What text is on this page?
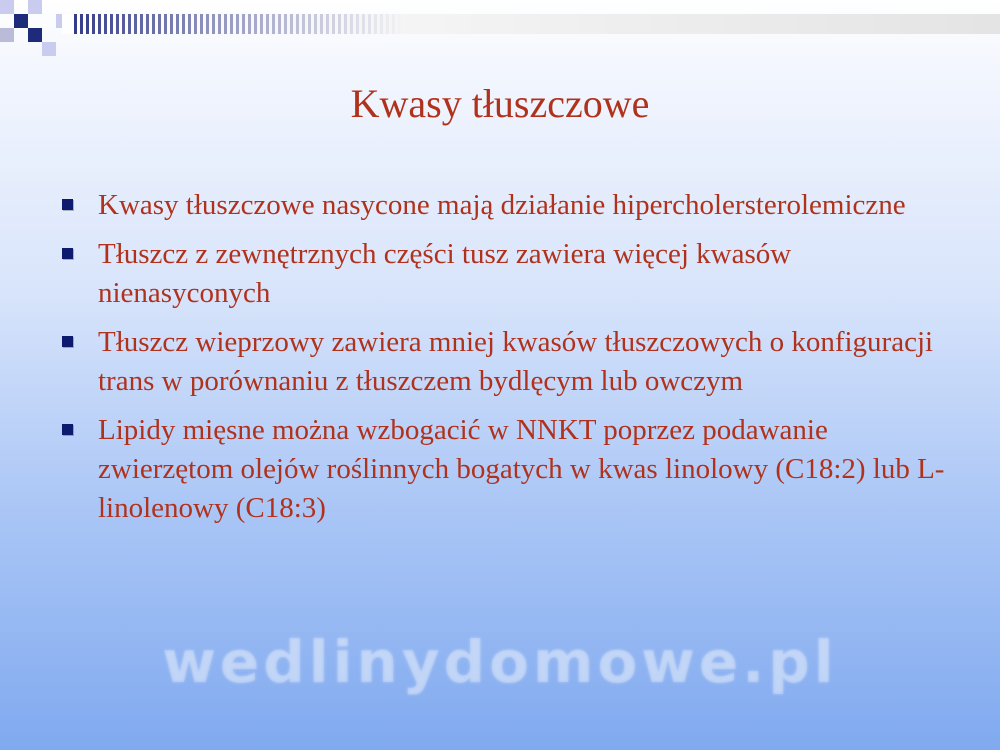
Kwasy tłuszczowe
Kwasy tłuszczowe nasycone mają działanie hipercholersterolemiczne
Tłuszcz z zewnętrznych części tusz zawiera więcej kwasów nienasyconych
Tłuszcz wieprzowy zawiera mniej kwasów tłuszczowych o konfiguracji trans w porównaniu z tłuszczem bydlęcym lub owczym
Lipidy mięsne można wzbogacić w NNKT poprzez podawanie zwierzętom olejów roślinnych bogatych w kwas linolowy (C18:2) lub L-linolenowy (C18:3)
wedlinydomowe.pl
